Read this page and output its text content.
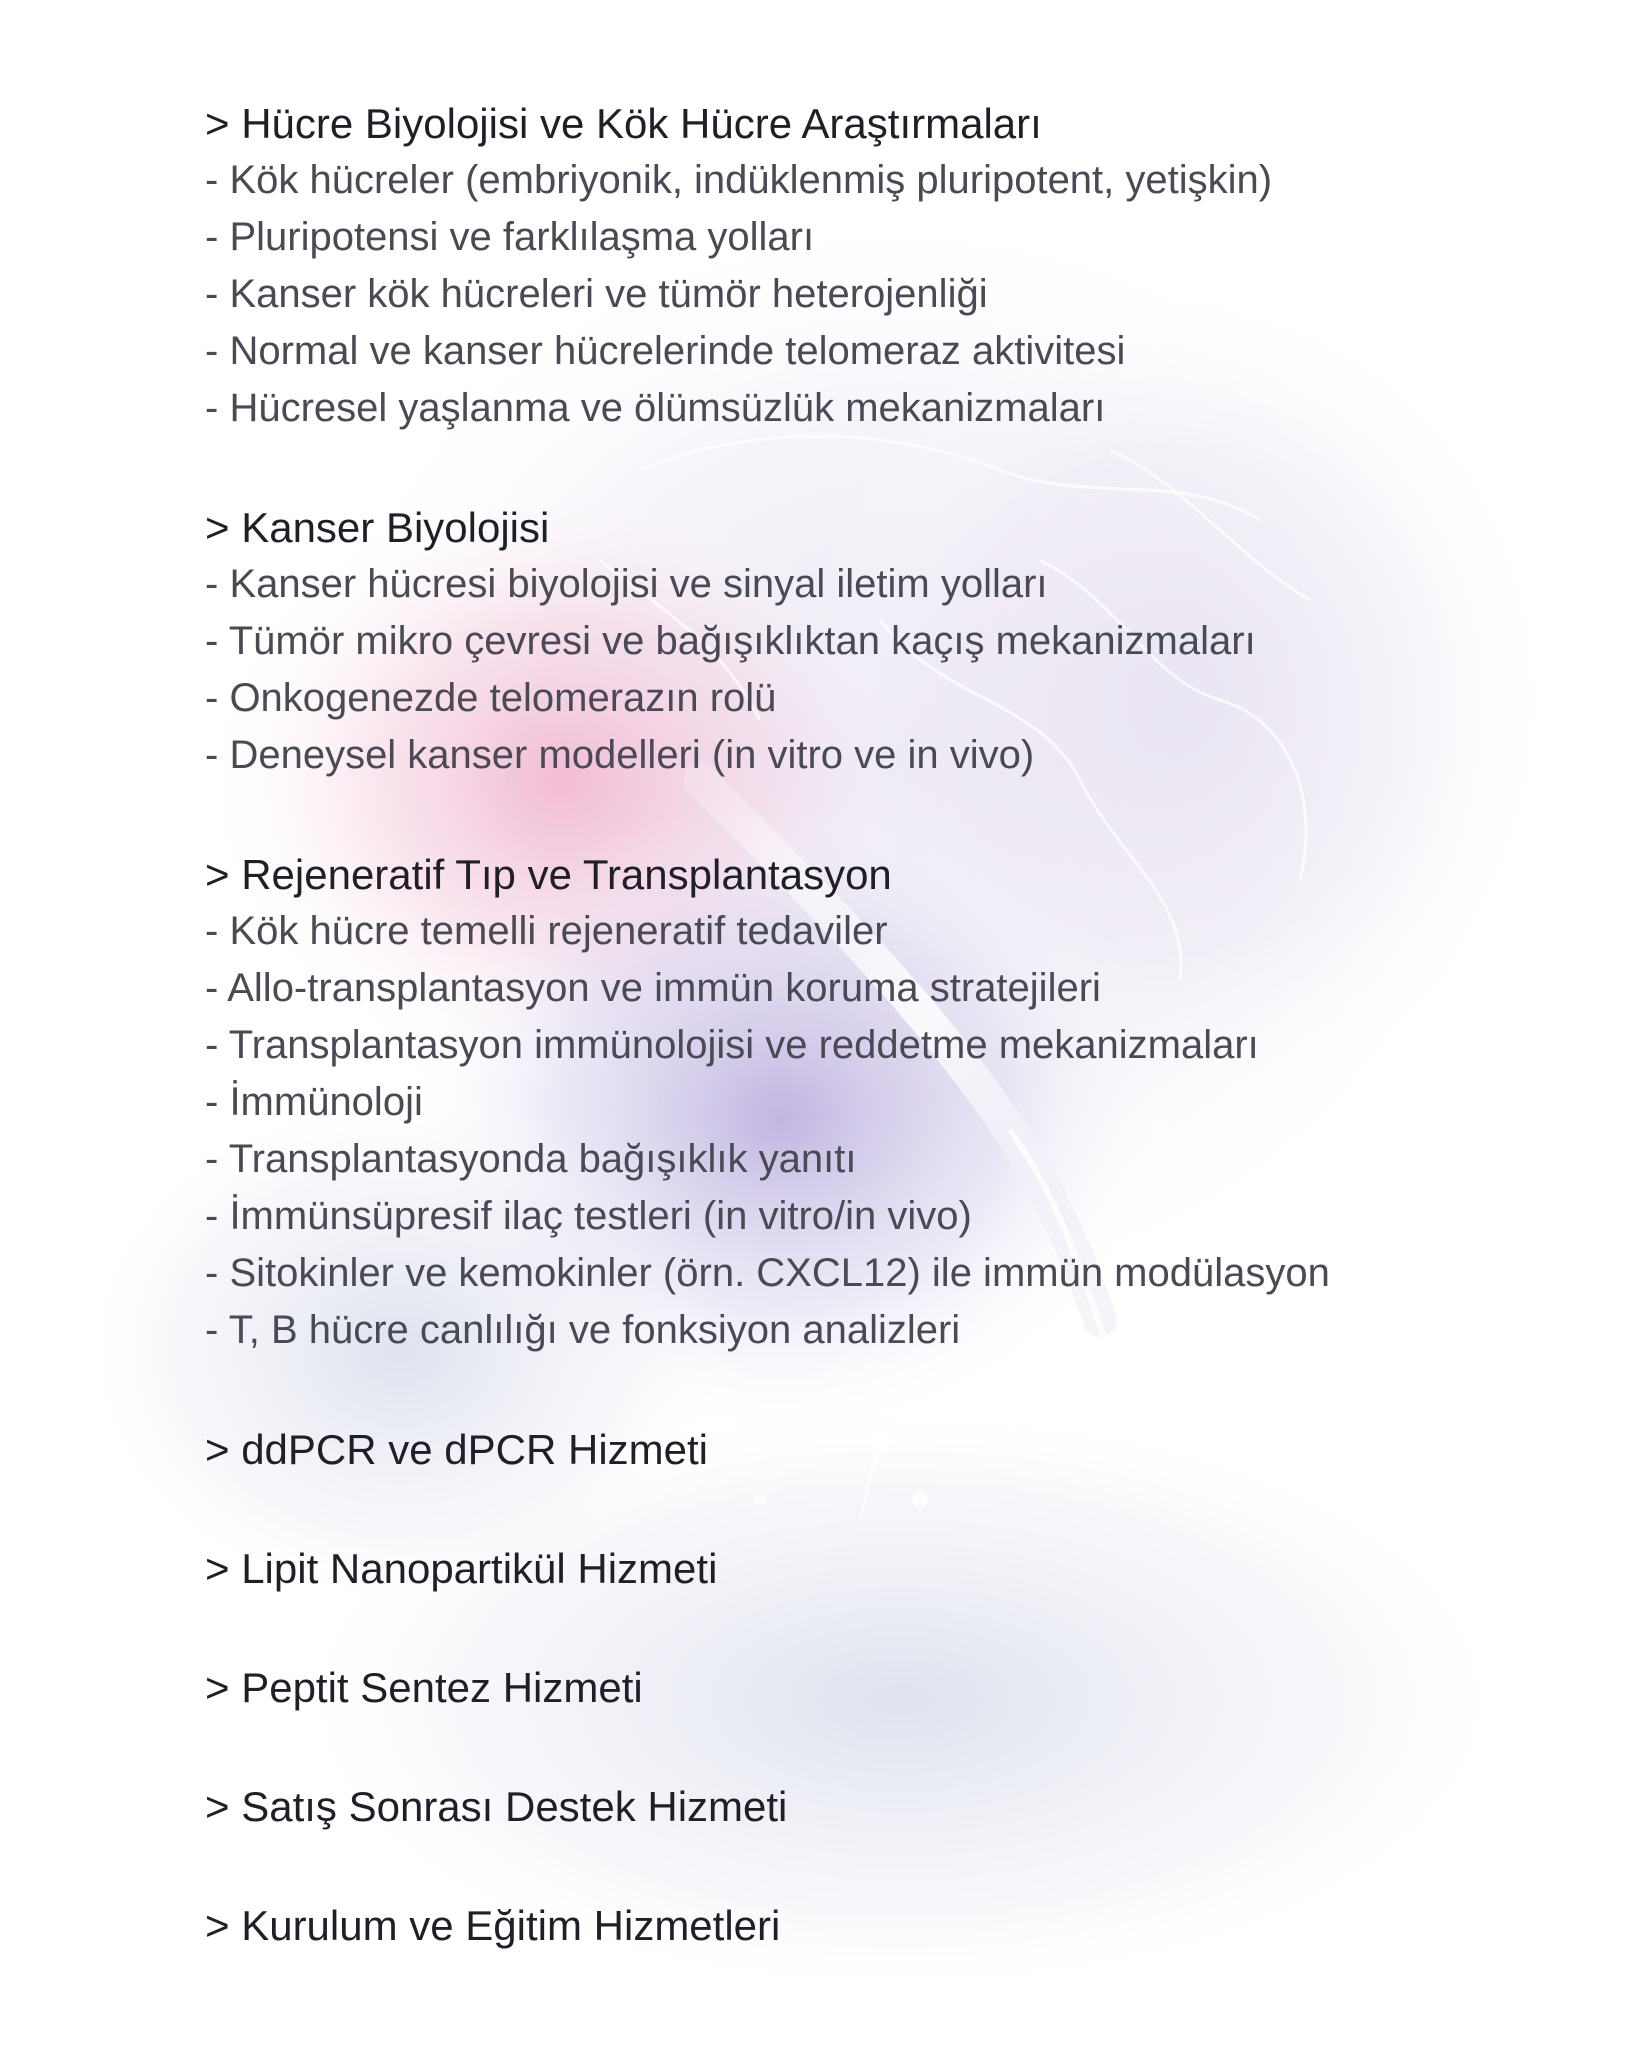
> Hücre Biyolojisi ve Kök Hücre Araştırmaları
- Kök hücreler (embriyonik, indüklenmiş pluripotent, yetişkin)
- Pluripotensi ve farklılaşma yolları
- Kanser kök hücreleri ve tümör heterojenliği
- Normal ve kanser hücrelerinde telomeraz aktivitesi
- Hücresel yaşlanma ve ölümsüzlük mekanizmaları
> Kanser Biyolojisi
- Kanser hücresi biyolojisi ve sinyal iletim yolları
- Tümör mikro çevresi ve bağışıklıktan kaçış mekanizmaları
- Onkogenezde telomerazın rolü
- Deneysel kanser modelleri (in vitro ve in vivo)
> Rejeneratif Tıp ve Transplantasyon
- Kök hücre temelli rejeneratif tedaviler
- Allo-transplantasyon ve immün koruma stratejileri
- Transplantasyon immünolojisi ve reddetme mekanizmaları
- İmmünoloji
- Transplantasyonda bağışıklık yanıtı
- İmmünsüpresif ilaç testleri (in vitro/in vivo)
- Sitokinler ve kemokinler (örn. CXCL12) ile immün modülasyon
- T, B hücre canlılığı ve fonksiyon analizleri
> ddPCR ve dPCR Hizmeti
> Lipit Nanopartikül Hizmeti
> Peptit Sentez Hizmeti
> Satış Sonrası Destek Hizmeti
> Kurulum ve Eğitim Hizmetleri
